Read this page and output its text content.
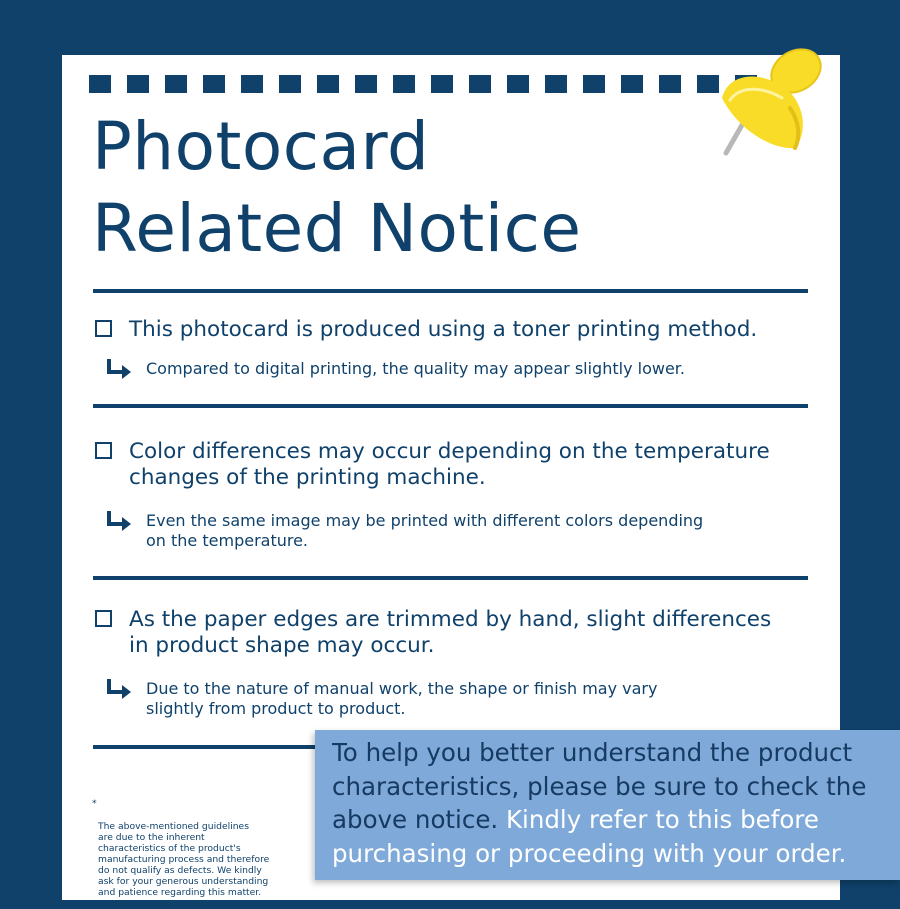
Photocard
Related Notice
This photocard is produced using a toner printing method.
Compared to digital printing, the quality may appear slightly lower.
Color differences may occur depending on the temperature
changes of the printing machine.
Even the same image may be printed with different colors depending
on the temperature.
As the paper edges are trimmed by hand, slight differences
in product shape may occur.
Due to the nature of manual work, the shape or finish may vary
slightly from product to product.

*

The above-mentioned guidelines
are due to the inherent
characteristics of the product's
manufacturing process and therefore
do not qualify as defects. We kindly
ask for your generous understanding
and patience regarding this matter.

To help you better understand the product
characteristics, please be sure to check the
above notice. Kindly refer to this before
purchasing or proceeding with your order.
